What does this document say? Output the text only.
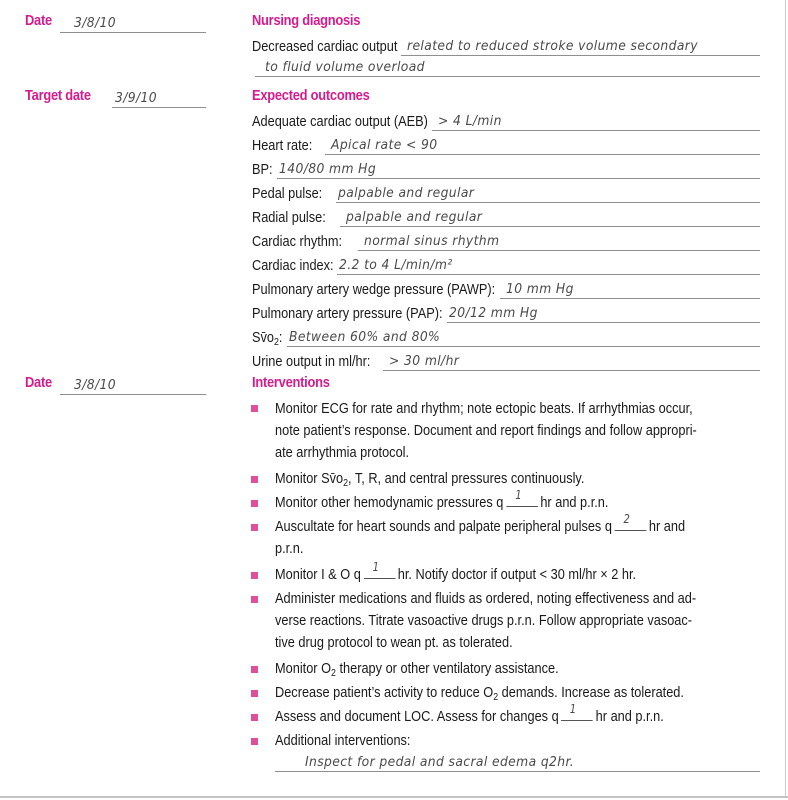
Date 3/8/10
Target date 3/9/10
Date 3/8/10
Nursing diagnosis
Decreased cardiac output related to reduced stroke volume secondary
to fluid volume overload
Expected outcomes
Adequate cardiac output (AEB) > 4 L/min
Heart rate: Apical rate < 90
BP: 140/80 mm Hg
Pedal pulse: palpable and regular
Radial pulse: palpable and regular
Cardiac rhythm: normal sinus rhythm
Cardiac index: 2.2 to 4 L/min/m²
Pulmonary artery wedge pressure (PAWP): 10 mm Hg
Pulmonary artery pressure (PAP): 20/12 mm Hg
$Sv̄o_2$: Between 60% and 80%
Urine output in ml/hr: > 30 ml/hr
Interventions
Monitor ECG for rate and rhythm; note ectopic beats. If arrhythmias occur,
note patient’s response. Document and report findings and follow appropri-
ate arrhythmia protocol.
Monitor $Sv̄o_2$, T, R, and central pressures continuously.
Monitor other hemodynamic pressures q 1 hr and p.r.n.
Auscultate for heart sounds and palpate peripheral pulses q 2 hr and
p.r.n.
Monitor I & O q 1 hr. Notify doctor if output < 30 ml/hr × 2 hr.
Administer medications and fluids as ordered, noting effectiveness and ad-
verse reactions. Titrate vasoactive drugs p.r.n. Follow appropriate vasoac-
tive drug protocol to wean pt. as tolerated.
Monitor $O_2$ therapy or other ventilatory assistance.
Decrease patient’s activity to reduce $O_2$ demands. Increase as tolerated.
Assess and document LOC. Assess for changes q 1 hr and p.r.n.
Additional interventions:
Inspect for pedal and sacral edema q2hr.
